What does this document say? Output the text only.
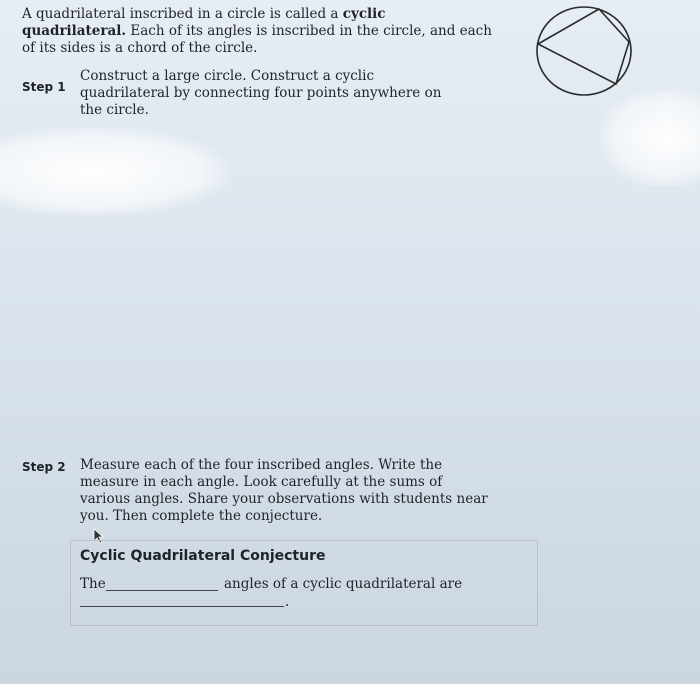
A quadrilateral inscribed in a circle is called a cyclic quadrilateral. Each of its angles is inscribed in the circle, and each of its sides is a chord of the circle.
Step 1
Construct a large circle. Construct a cyclic quadrilateral by connecting four points anywhere on the circle.
Step 2 Measure each of the four inscribed angles. Write the measure in each angle. Look carefully at the sums of various angles. Share your observations with students near you. Then complete the conjecture.
Cyclic Quadrilateral Conjecture
The	angles of a cyclic quadrilateral are
.
